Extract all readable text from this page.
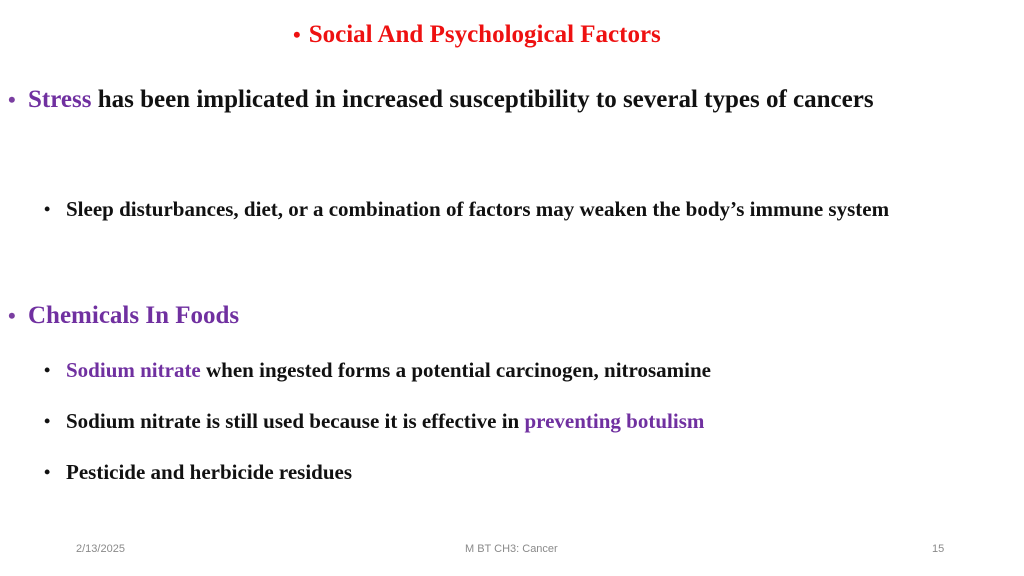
• Social And Psychological Factors
• Stress has been implicated in increased susceptibility to several types of cancers
• Sleep disturbances, diet, or a combination of factors may weaken the body’s immune system
• Chemicals In Foods
• Sodium nitrate when ingested forms a potential carcinogen, nitrosamine
• Sodium nitrate is still used because it is effective in preventing botulism
• Pesticide and herbicide residues
2/13/2025	M BT CH3: Cancer	15
